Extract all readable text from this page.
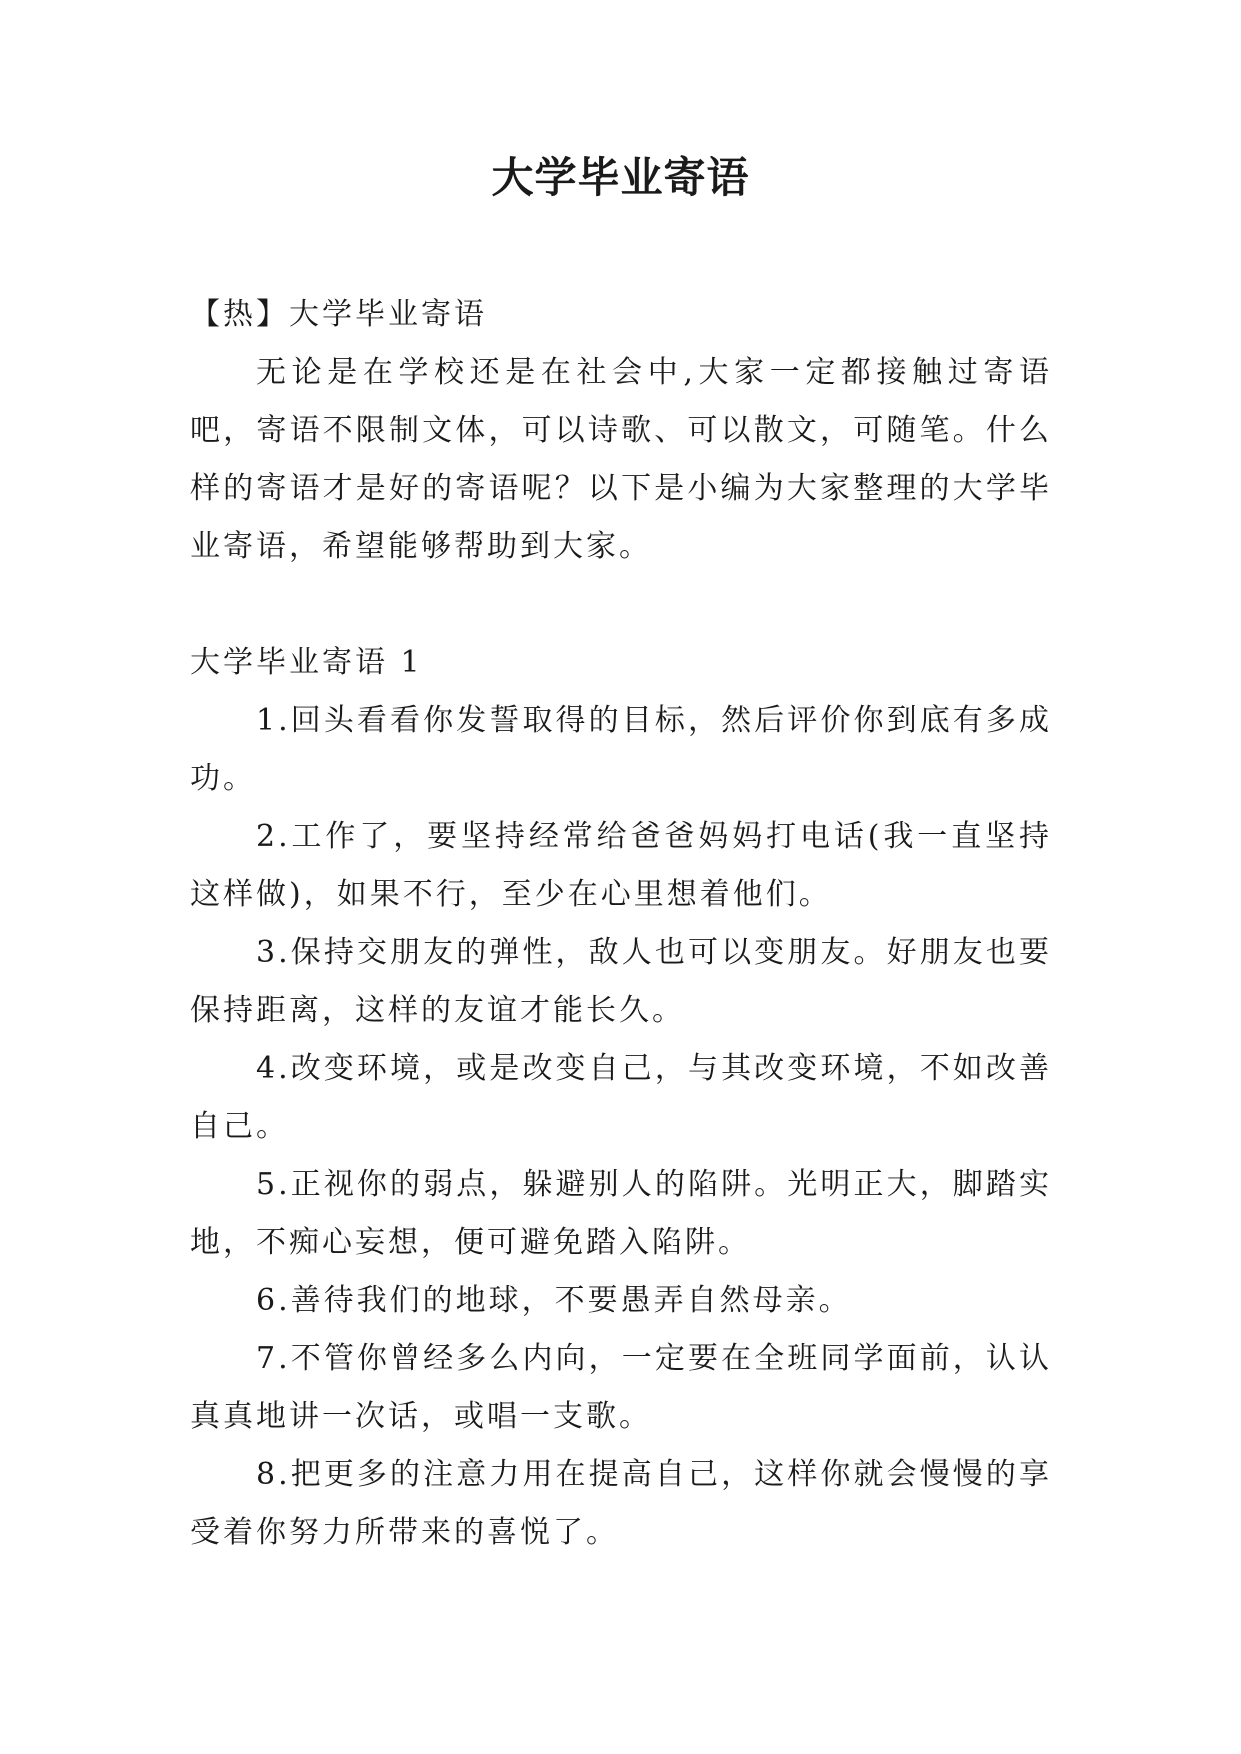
大学毕业寄语

【热】大学毕业寄语

无论是在学校还是在社会中,大家一定都接触过寄语吧，寄语不限制文体，可以诗歌、可以散文，可随笔。什么样的寄语才是好的寄语呢？以下是小编为大家整理的大学毕业寄语，希望能够帮助到大家。

大学毕业寄语 1

1.回头看看你发誓取得的目标，然后评价你到底有多成功。

2.工作了，要坚持经常给爸爸妈妈打电话(我一直坚持这样做)，如果不行，至少在心里想着他们。

3.保持交朋友的弹性，敌人也可以变朋友。好朋友也要保持距离，这样的友谊才能长久。

4.改变环境，或是改变自己，与其改变环境，不如改善自己。

5.正视你的弱点，躲避别人的陷阱。光明正大，脚踏实地，不痴心妄想，便可避免踏入陷阱。

6.善待我们的地球，不要愚弄自然母亲。

7.不管你曾经多么内向，一定要在全班同学面前，认认真真地讲一次话，或唱一支歌。

8.把更多的注意力用在提高自己，这样你就会慢慢的享受着你努力所带来的喜悦了。
